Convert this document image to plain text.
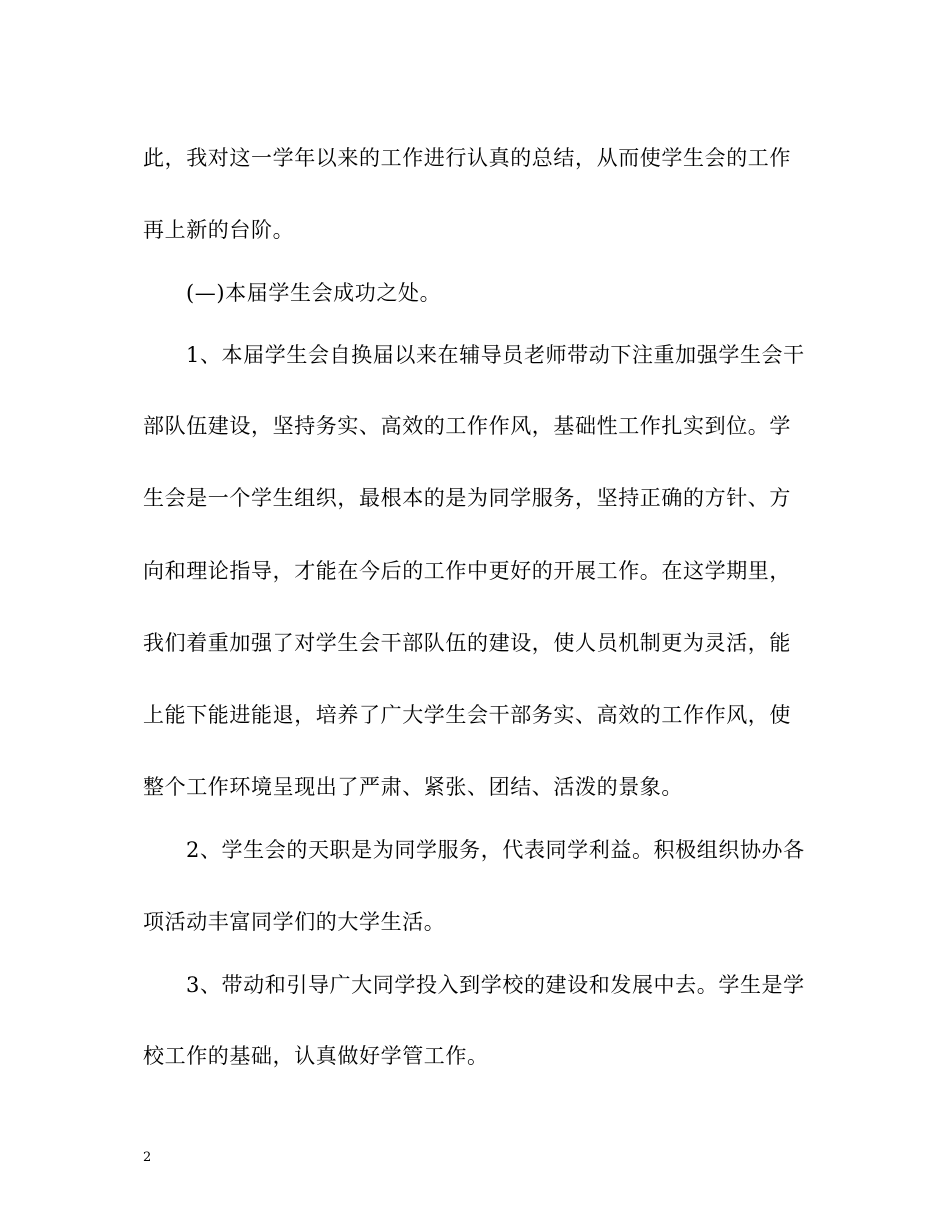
此，我对这一学年以来的工作进行认真的总结，从而使学生会的工作
再上新的台阶。
(—)本届学生会成功之处。
1、本届学生会自换届以来在辅导员老师带动下注重加强学生会干
部队伍建设，坚持务实、高效的工作作风，基础性工作扎实到位。学
生会是一个学生组织，最根本的是为同学服务，坚持正确的方针、方
向和理论指导，才能在今后的工作中更好的开展工作。在这学期里，
我们着重加强了对学生会干部队伍的建设，使人员机制更为灵活，能
上能下能进能退，培养了广大学生会干部务实、高效的工作作风，使
整个工作环境呈现出了严肃、紧张、团结、活泼的景象。
2、学生会的天职是为同学服务，代表同学利益。积极组织协办各
项活动丰富同学们的大学生活。
3、带动和引导广大同学投入到学校的建设和发展中去。学生是学
校工作的基础，认真做好学管工作。
2
